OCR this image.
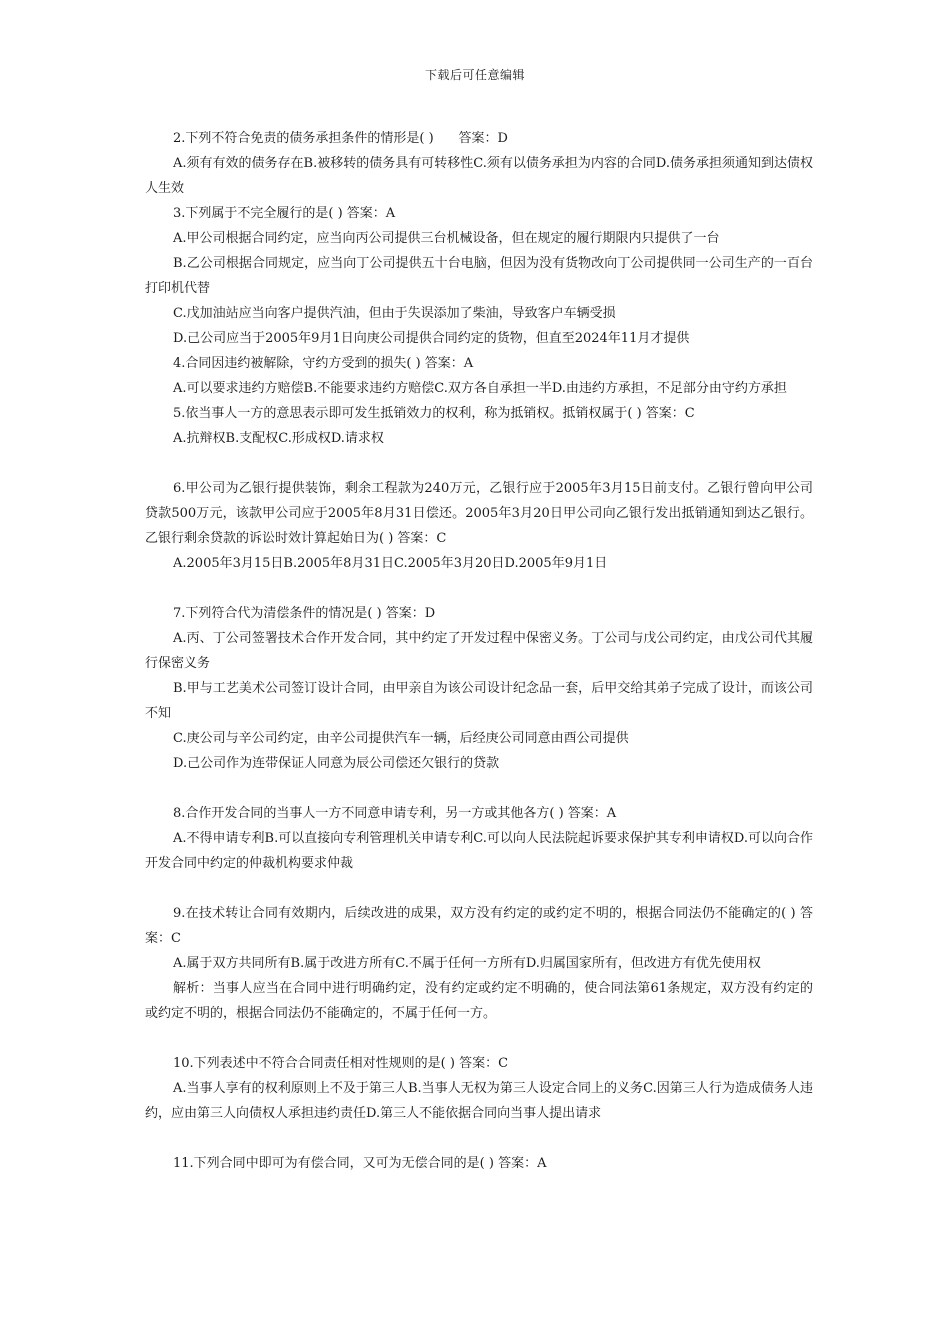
下载后可任意编辑

2.下列不符合免责的债务承担条件的情形是( )      答案：D

A.须有有效的债务存在B.被移转的债务具有可转移性C.须有以债务承担为内容的合同D.债务承担须通知到达债权人生效

3.下列属于不完全履行的是( ) 答案：A

A.甲公司根据合同约定，应当向丙公司提供三台机械设备，但在规定的履行期限内只提供了一台

B.乙公司根据合同规定，应当向丁公司提供五十台电脑，但因为没有货物改向丁公司提供同一公司生产的一百台打印机代替

C.戊加油站应当向客户提供汽油，但由于失误添加了柴油，导致客户车辆受损

D.己公司应当于2005年9月1日向庚公司提供合同约定的货物，但直至2024年11月才提供

4.合同因违约被解除，守约方受到的损失( ) 答案：A

A.可以要求违约方赔偿B.不能要求违约方赔偿C.双方各自承担一半D.由违约方承担，不足部分由守约方承担

5.依当事人一方的意思表示即可发生抵销效力的权利，称为抵销权。抵销权属于( ) 答案：C

A.抗辩权B.支配权C.形成权D.请求权

6.甲公司为乙银行提供装饰，剩余工程款为240万元，乙银行应于2005年3月15日前支付。乙银行曾向甲公司贷款500万元，该款甲公司应于2005年8月31日偿还。2005年3月20日甲公司向乙银行发出抵销通知到达乙银行。乙银行剩余贷款的诉讼时效计算起始日为( ) 答案：C

A.2005年3月15日B.2005年8月31日C.2005年3月20日D.2005年9月1日

7.下列符合代为清偿条件的情况是( ) 答案：D

A.丙、丁公司签署技术合作开发合同，其中约定了开发过程中保密义务。丁公司与戊公司约定，由戊公司代其履行保密义务

B.甲与工艺美术公司签订设计合同，由甲亲自为该公司设计纪念品一套，后甲交给其弟子完成了设计，而该公司不知

C.庚公司与辛公司约定，由辛公司提供汽车一辆，后经庚公司同意由酉公司提供

D.己公司作为连带保证人同意为辰公司偿还欠银行的贷款

8.合作开发合同的当事人一方不同意申请专利，另一方或其他各方( ) 答案：A

A.不得申请专利B.可以直接向专利管理机关申请专利C.可以向人民法院起诉要求保护其专利申请权D.可以向合作开发合同中约定的仲裁机构要求仲裁

9.在技术转让合同有效期内，后续改进的成果，双方没有约定的或约定不明的，根据合同法仍不能确定的( ) 答案：C

A.属于双方共同所有B.属于改进方所有C.不属于任何一方所有D.归属国家所有，但改进方有优先使用权

解析：当事人应当在合同中进行明确约定，没有约定或约定不明确的，使合同法第61条规定，双方没有约定的或约定不明的，根据合同法仍不能确定的，不属于任何一方。

10.下列表述中不符合合同责任相对性规则的是( ) 答案：C

A.当事人享有的权利原则上不及于第三人B.当事人无权为第三人设定合同上的义务C.因第三人行为造成债务人违约，应由第三人向债权人承担违约责任D.第三人不能依据合同向当事人提出请求

11.下列合同中即可为有偿合同，又可为无偿合同的是( ) 答案：A
